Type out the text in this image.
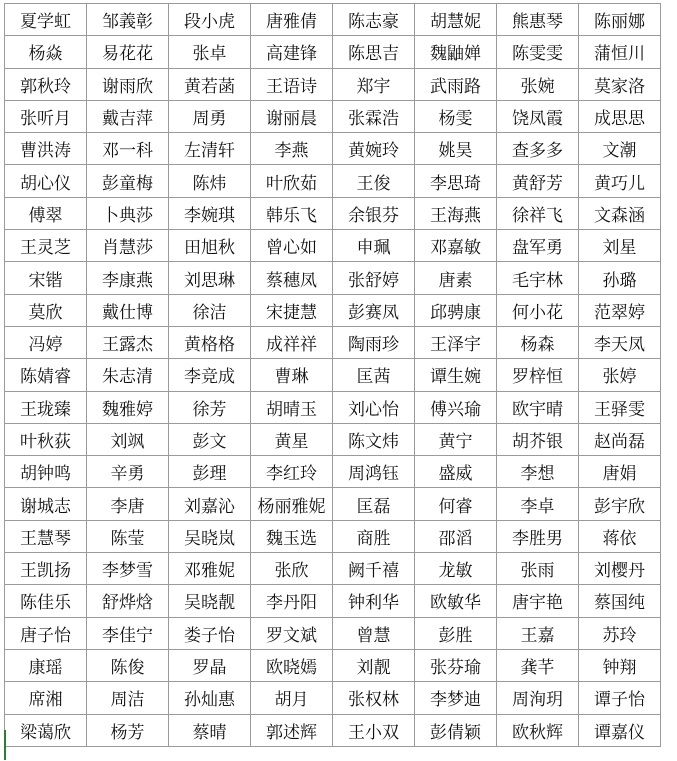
夏学虹	邹義彰	段小虎	唐雅倩	陈志豪	胡慧妮	熊惠琴	陈丽娜
杨焱	易花花	张卓	高建锋	陈思吉	魏鼬婵	陈雯雯	蒲恒川
郭秋玲	谢雨欣	黄若菡	王语诗	郑宇	武雨路	张婉	莫家洛
张听月	戴吉萍	周勇	谢丽晨	张霖浩	杨雯	饶凤霞	成思思
曹洪涛	邓一科	左清轩	李燕	黄婉玲	姚昊	查多多	文潮
胡心仪	彭童梅	陈炜	叶欣茹	王俊	李思琦	黄舒芳	黄巧儿
傅翠	卜典莎	李婉琪	韩乐飞	余银芬	王海燕	徐祥飞	文森涵
王灵芝	肖慧莎	田旭秋	曾心如	申珮	邓嘉敏	盘军勇	刘星
宋锴	李康燕	刘思琳	蔡穗凤	张舒婷	唐素	毛宇林	孙璐
莫欣	戴仕博	徐洁	宋捷慧	彭赛凤	邱骋康	何小花	范翠婷
冯婷	王露杰	黄格格	成祥祥	陶雨珍	王泽宇	杨森	李天凤
陈婧睿	朱志清	李竞成	曹琳	匡茜	谭生婉	罗梓恒	张婷
王珑臻	魏雅婷	徐芳	胡晴玉	刘心怡	傅兴瑜	欧宇晴	王驿雯
叶秋荻	刘飒	彭文	黄星	陈文炜	黄宁	胡芥银	赵尚磊
胡钟鸣	辛勇	彭理	李红玲	周鸿钰	盛威	李想	唐娟
谢城志	李唐	刘嘉沁	杨丽雅妮	匡磊	何睿	李卓	彭宇欣
王慧琴	陈莹	吴晓岚	魏玉选	商胜	邵滔	李胜男	蒋依
王凯扬	李梦雪	邓雅妮	张欣	阙千禧	龙敏	张雨	刘樱丹
陈佳乐	舒烨焓	吴晓靓	李丹阳	钟利华	欧敏华	唐宇艳	蔡国纯
唐子怡	李佳宁	娄子怡	罗文斌	曾慧	彭胜	王嘉	苏玲
康瑶	陈俊	罗晶	欧晓嫣	刘靓	张芬瑜	龚芊	钟翔
席湘	周洁	孙灿惠	胡月	张权林	李梦迪	周洵玥	谭子怡
梁蔼欣	杨芳	蔡晴	郭述辉	王小双	彭倩颖	欧秋辉	谭嘉仪
